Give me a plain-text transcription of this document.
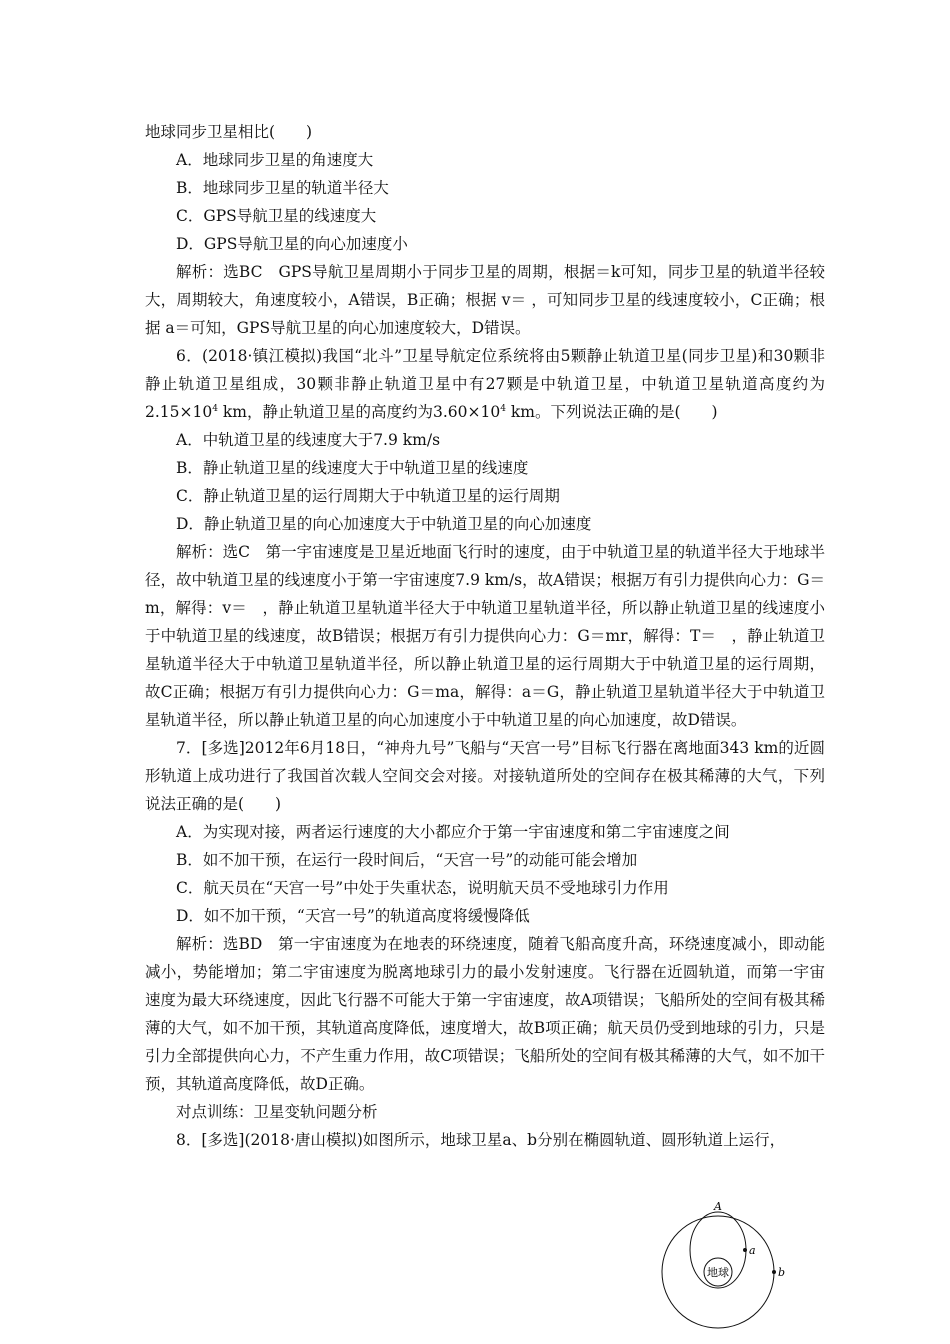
地球同步卫星相比(　　)

A．地球同步卫星的角速度大

B．地球同步卫星的轨道半径大

C．GPS导航卫星的线速度大

D．GPS导航卫星的向心加速度小

解析：选BC　GPS导航卫星周期小于同步卫星的周期，根据＝k可知，同步卫星的轨道半径较大，周期较大，角速度较小，A错误，B正确；根据 v＝ ，可知同步卫星的线速度较小，C正确；根据 a＝可知，GPS导航卫星的向心加速度较大，D错误。

6．(2018·镇江模拟)我国“北斗”卫星导航定位系统将由5颗静止轨道卫星(同步卫星)和30颗非静止轨道卫星组成，30颗非静止轨道卫星中有27颗是中轨道卫星，中轨道卫星轨道高度约为$2.15\times 10^4$ km，静止轨道卫星的高度约为$3.60\times 10^4$ km。下列说法正确的是(　　)

A．中轨道卫星的线速度大于7.9 km/s

B．静止轨道卫星的线速度大于中轨道卫星的线速度

C．静止轨道卫星的运行周期大于中轨道卫星的运行周期

D．静止轨道卫星的向心加速度大于中轨道卫星的向心加速度

解析：选C　第一宇宙速度是卫星近地面飞行时的速度，由于中轨道卫星的轨道半径大于地球半径，故中轨道卫星的线速度小于第一宇宙速度7.9 km/s，故A错误；根据万有引力提供向心力：G＝m，解得：v＝　，静止轨道卫星轨道半径大于中轨道卫星轨道半径，所以静止轨道卫星的线速度小于中轨道卫星的线速度，故B错误；根据万有引力提供向心力：G＝mr，解得：T＝　，静止轨道卫星轨道半径大于中轨道卫星轨道半径，所以静止轨道卫星的运行周期大于中轨道卫星的运行周期，故C正确；根据万有引力提供向心力：G＝ma，解得：a＝G，静止轨道卫星轨道半径大于中轨道卫星轨道半径，所以静止轨道卫星的向心加速度小于中轨道卫星的向心加速度，故D错误。

7．[多选]2012年6月18日，“神舟九号”飞船与“天宫一号”目标飞行器在离地面343 km的近圆形轨道上成功进行了我国首次载人空间交会对接。对接轨道所处的空间存在极其稀薄的大气，下列说法正确的是(　　)

A．为实现对接，两者运行速度的大小都应介于第一宇宙速度和第二宇宙速度之间

B．如不加干预，在运行一段时间后，“天宫一号”的动能可能会增加

C．航天员在“天宫一号”中处于失重状态，说明航天员不受地球引力作用

D．如不加干预，“天宫一号”的轨道高度将缓慢降低

解析：选BD　第一宇宙速度为在地表的环绕速度，随着飞船高度升高，环绕速度减小，即动能减小，势能增加；第二宇宙速度为脱离地球引力的最小发射速度。飞行器在近圆轨道，而第一宇宙速度为最大环绕速度，因此飞行器不可能大于第一宇宙速度，故A项错误；飞船所处的空间有极其稀薄的大气，如不加干预，其轨道高度降低，速度增大，故B项正确；航天员仍受到地球的引力，只是引力全部提供向心力，不产生重力作用，故C项错误；飞船所处的空间有极其稀薄的大气，如不加干预，其轨道高度降低，故D正确。

对点训练：卫星变轨问题分析

8．[多选](2018·唐山模拟)如图所示，地球卫星a、b分别在椭圆轨道、圆形轨道上运行，

地球
A
a
b
